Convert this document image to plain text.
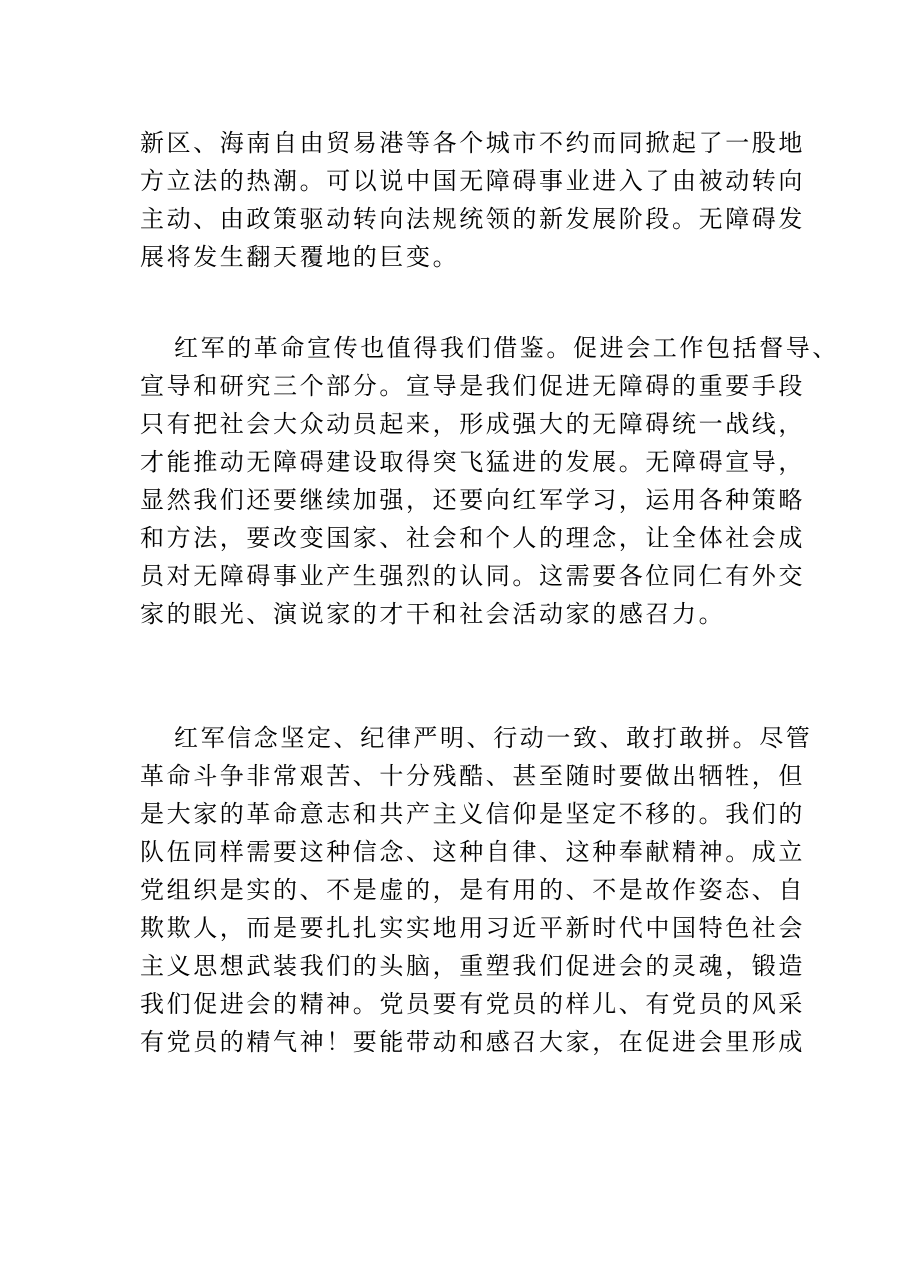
新区、海南自由贸易港等各个城市不约而同掀起了一股地
方立法的热潮。可以说中国无障碍事业进入了由被动转向
主动、由政策驱动转向法规统领的新发展阶段。无障碍发
展将发生翻天覆地的巨变。
红军的革命宣传也值得我们借鉴。促进会工作包括督导、
宣导和研究三个部分。宣导是我们促进无障碍的重要手段
只有把社会大众动员起来，形成强大的无障碍统一战线，
才能推动无障碍建设取得突飞猛进的发展。无障碍宣导，
显然我们还要继续加强，还要向红军学习，运用各种策略
和方法，要改变国家、社会和个人的理念，让全体社会成
员对无障碍事业产生强烈的认同。这需要各位同仁有外交
家的眼光、演说家的才干和社会活动家的感召力。
红军信念坚定、纪律严明、行动一致、敢打敢拼。尽管
革命斗争非常艰苦、十分残酷、甚至随时要做出牺牲，但
是大家的革命意志和共产主义信仰是坚定不移的。我们的
队伍同样需要这种信念、这种自律、这种奉献精神。成立
党组织是实的、不是虚的，是有用的、不是故作姿态、自
欺欺人，而是要扎扎实实地用习近平新时代中国特色社会
主义思想武装我们的头脑，重塑我们促进会的灵魂，锻造
我们促进会的精神。党员要有党员的样儿、有党员的风采
有党员的精气神！要能带动和感召大家，在促进会里形成
